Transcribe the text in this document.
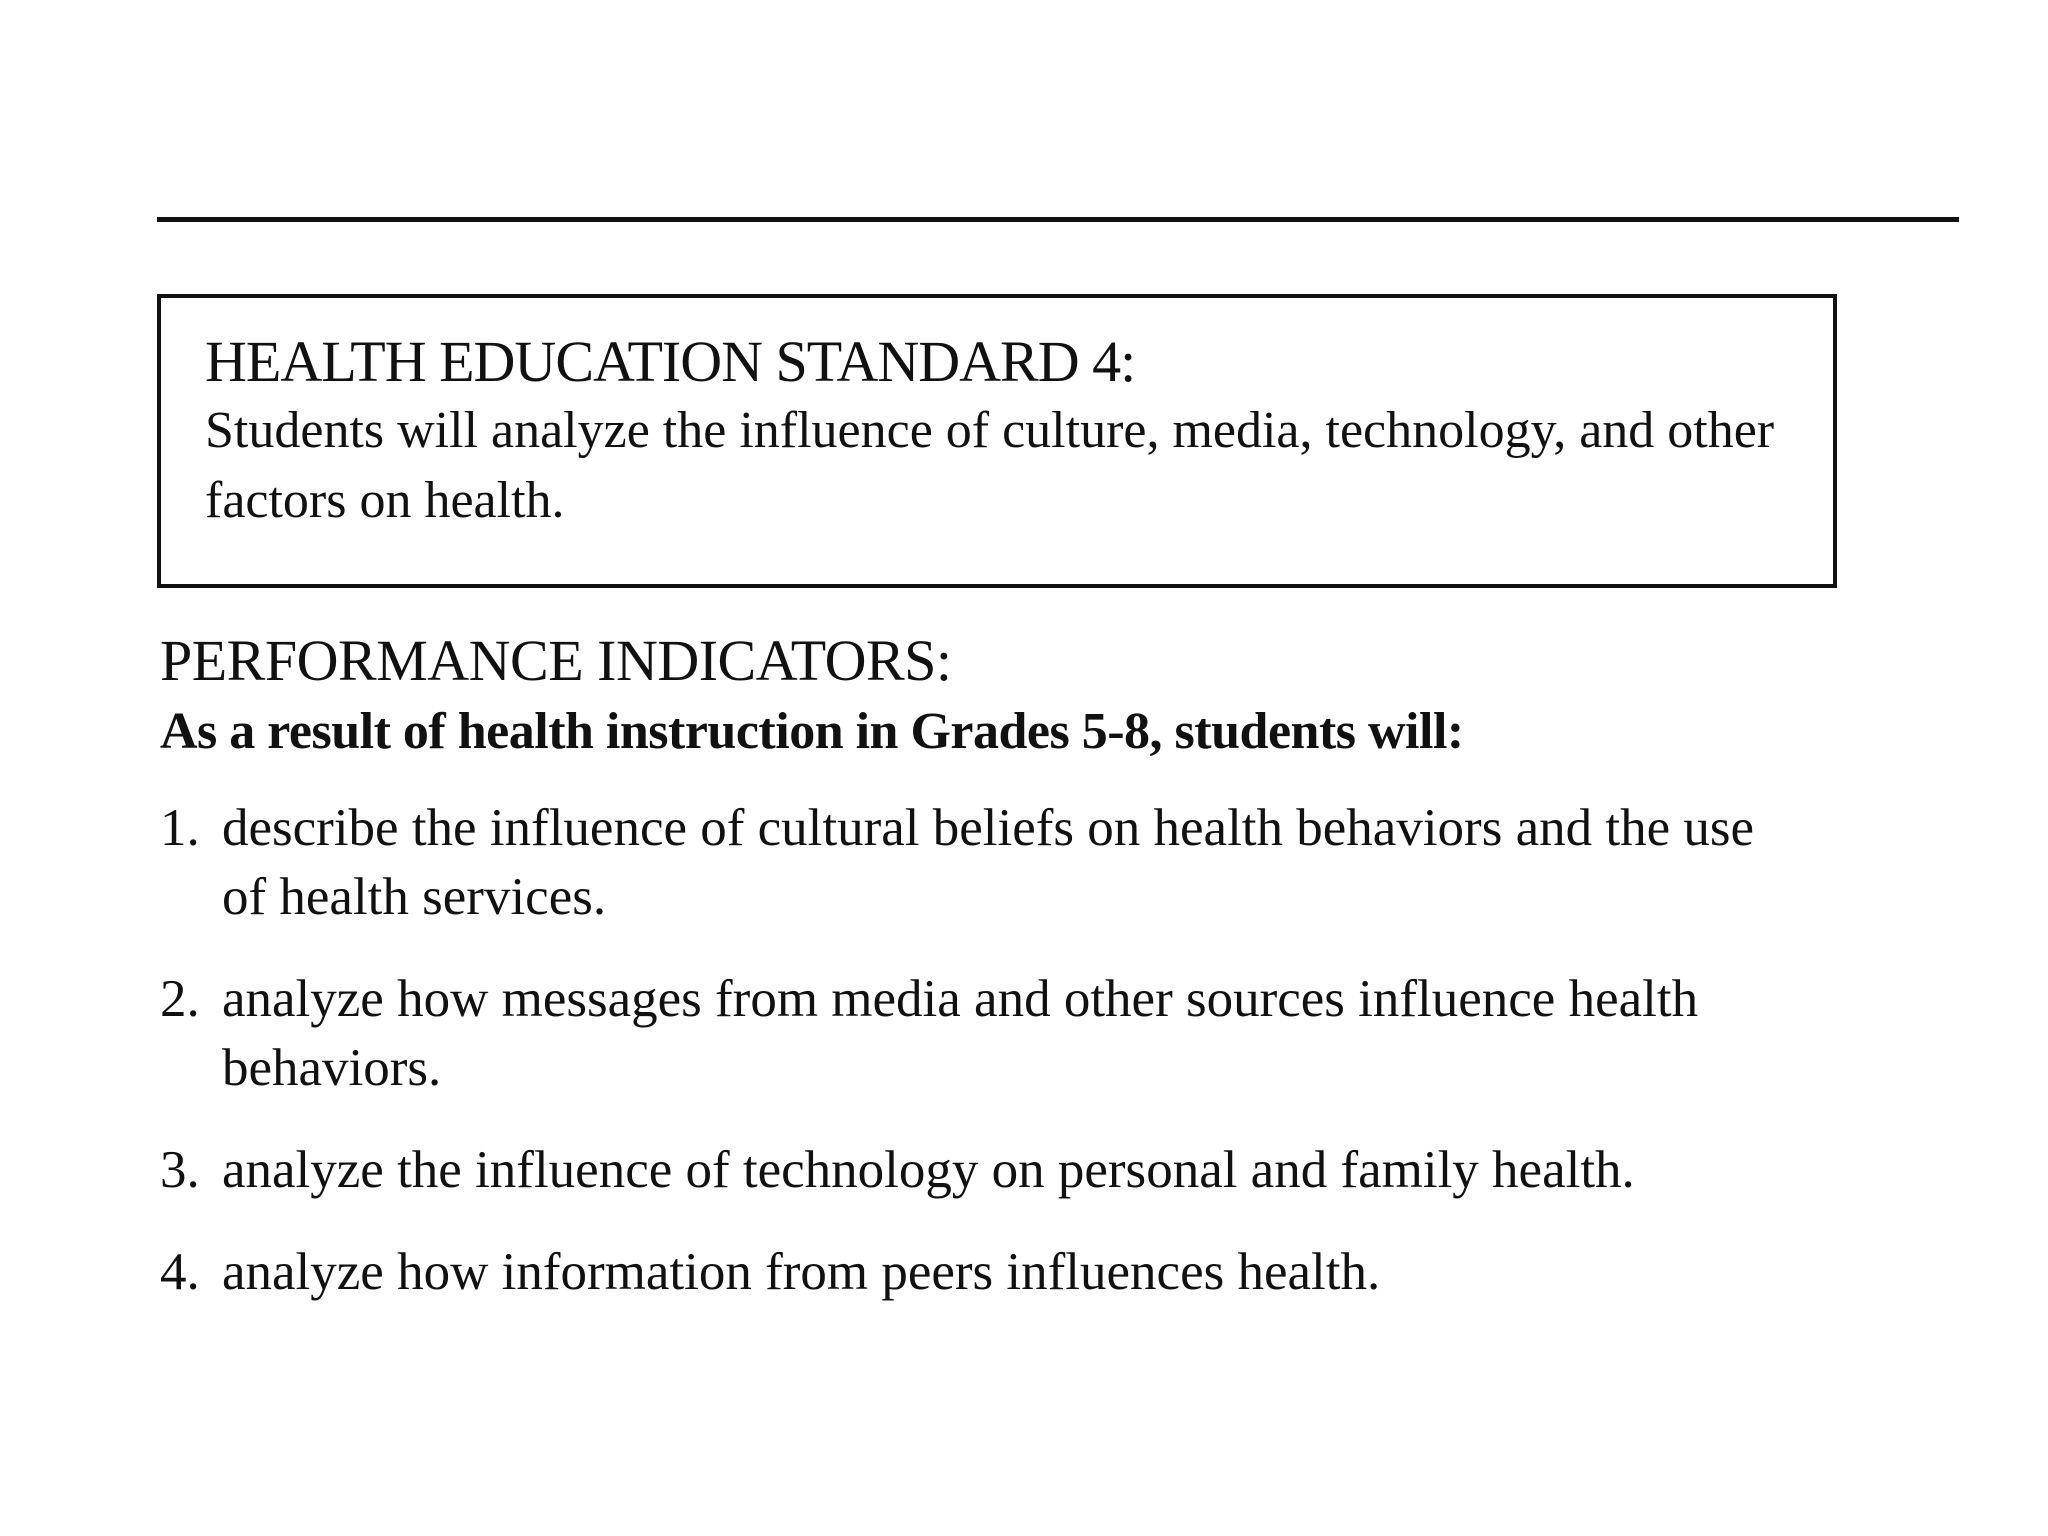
HEALTH EDUCATION STANDARD 4:

Students will analyze the influence of culture, media, technology, and other factors on health.

PERFORMANCE INDICATORS:

As a result of health instruction in Grades 5-8, students will:

1. describe the influence of cultural beliefs on health behaviors and the use of health services.
2. analyze how messages from media and other sources influence health behaviors.
3. analyze the influence of technology on personal and family health.
4. analyze how information from peers influences health.
